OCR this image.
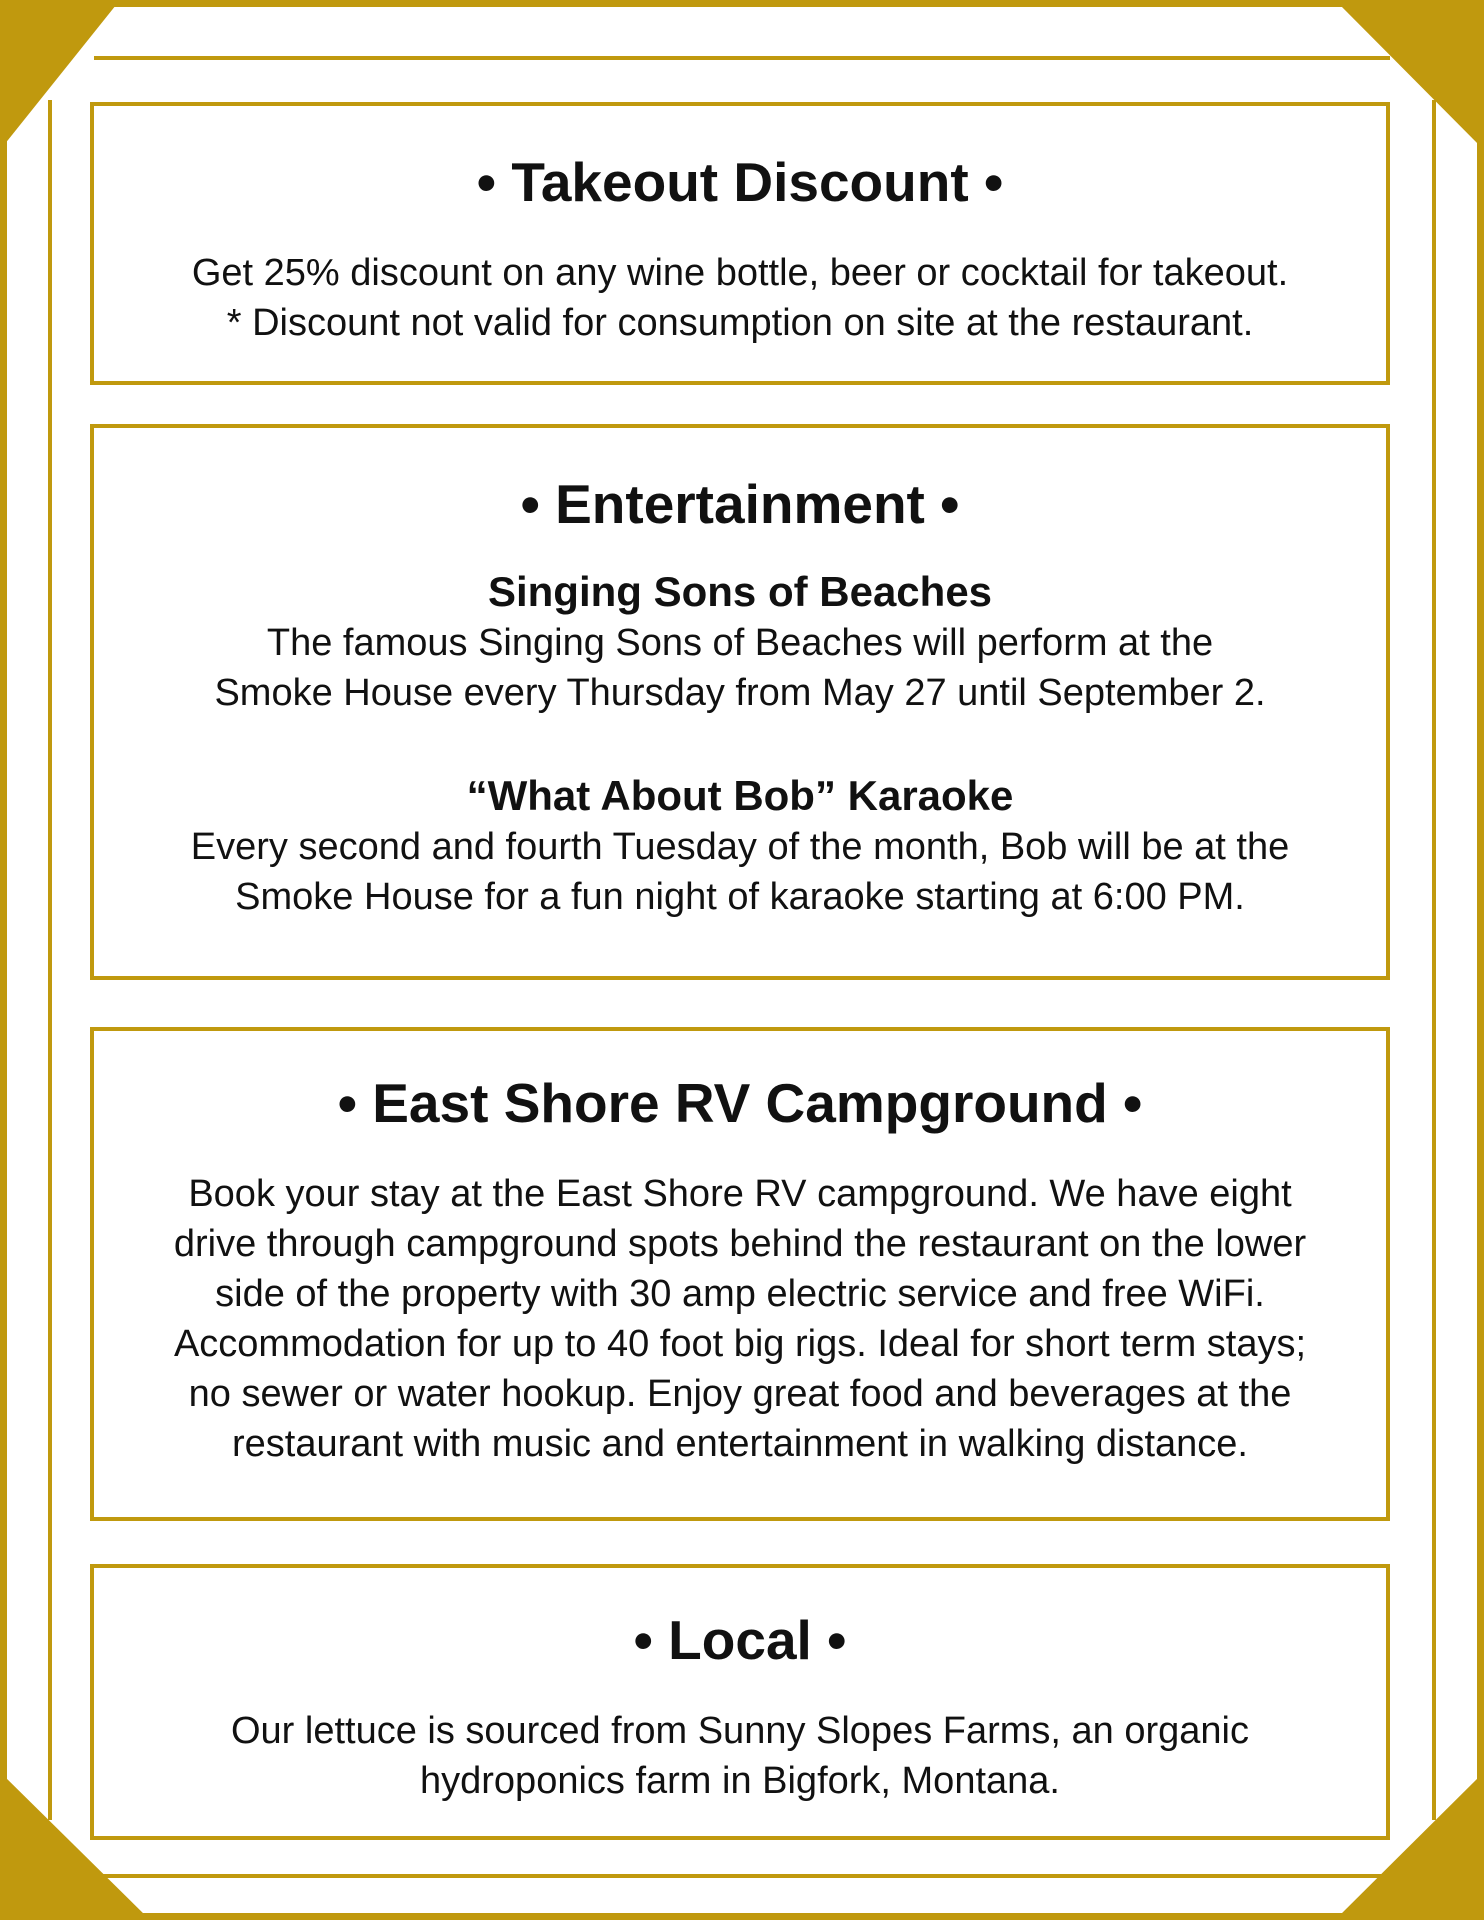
• Takeout Discount •

Get 25% discount on any wine bottle, beer or cocktail for takeout.
* Discount not valid for consumption on site at the restaurant.

• Entertainment •
Singing Sons of Beaches

The famous Singing Sons of Beaches will perform at the
Smoke House every Thursday from May 27 until September 2.

“What About Bob” Karaoke

Every second and fourth Tuesday of the month, Bob will be at the
Smoke House for a fun night of karaoke starting at 6:00 PM.

• East Shore RV Campground •

Book your stay at the East Shore RV campground. We have eight
drive through campground spots behind the restaurant on the lower
side of the property with 30 amp electric service and free WiFi.
Accommodation for up to 40 foot big rigs. Ideal for short term stays;
no sewer or water hookup. Enjoy great food and beverages at the
restaurant with music and entertainment in walking distance.

• Local •

Our lettuce is sourced from Sunny Slopes Farms, an organic
hydroponics farm in Bigfork, Montana.
